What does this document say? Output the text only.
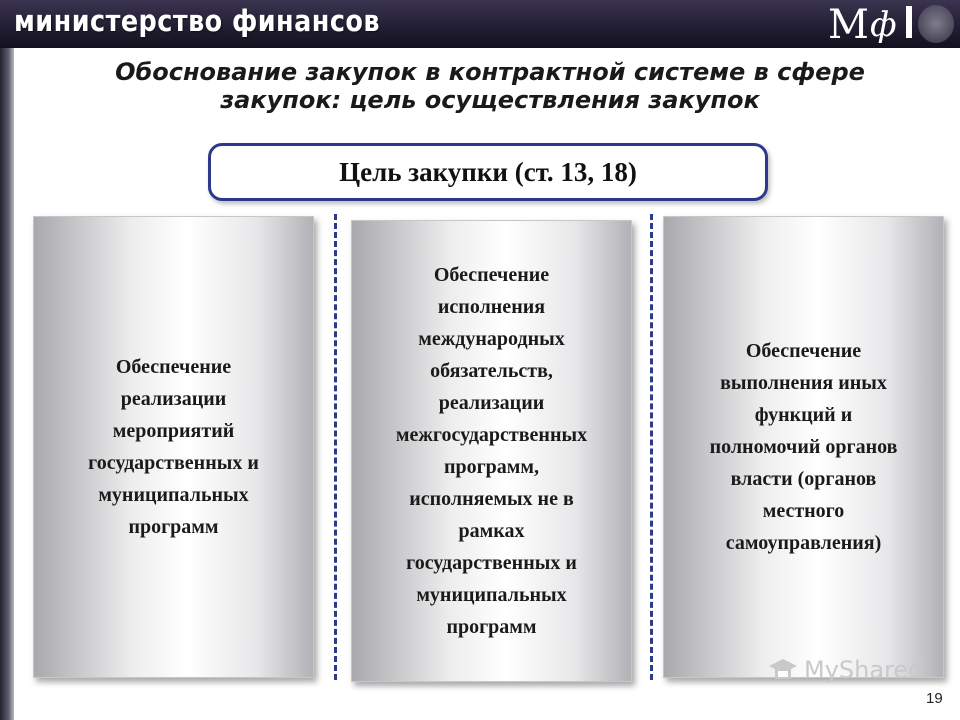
министерство финансов	М ф
Обоснование закупок в контрактной системе в сфере
закупок: цель осуществления закупок
Цель закупки (ст. 13, 18)
Обеспечение
реализации
мероприятий
государственных и
муниципальных
программ
Обеспечение
исполнения
международных
обязательств,
реализации
межгосударственных
программ,
исполняемых не в
рамках
государственных и
муниципальных
программ
Обеспечение
выполнения иных
функций и
полномочий органов
власти (органов
местного
самоуправления)
MyShared
19
